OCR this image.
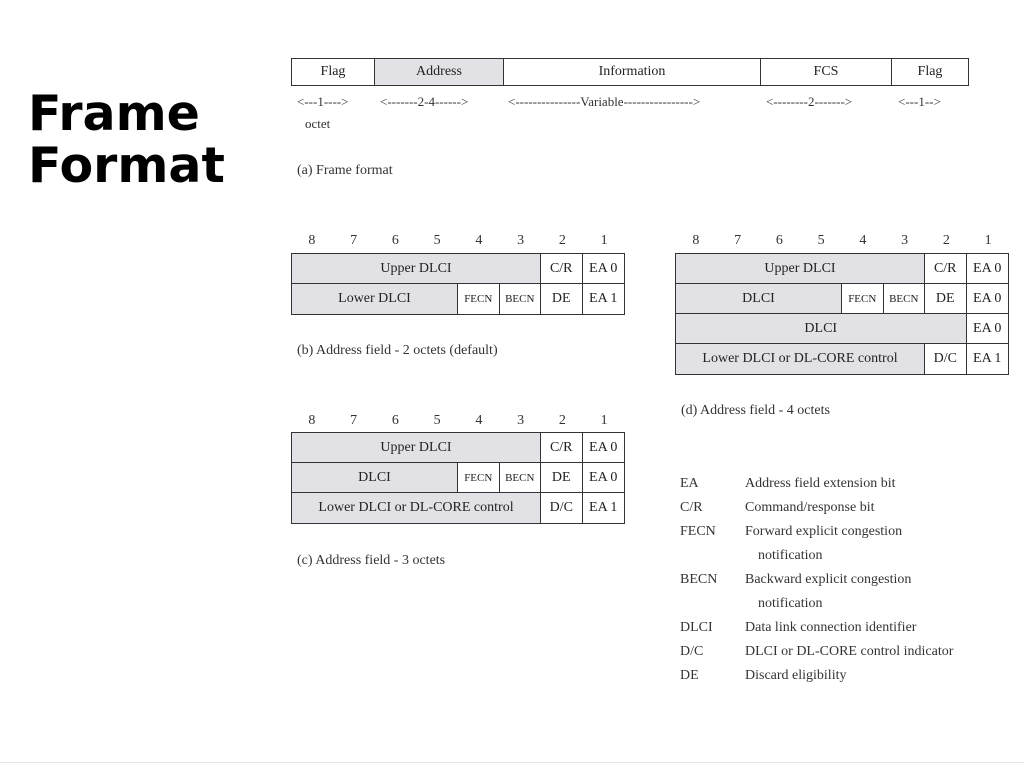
Frame
Format
Flag	Address	Information	FCS	Flag
<---1----> <-------2-4------>	<---------------Variable---------------->	<--------2------->	<---1-->
octet
(a) Frame format
8	7	6	5	4	3	2	1
8	7	6	5	4	3	2	1
8	7	6	5	4	3	2	1
Upper DLCI	C/R	EA 0
Lower DLCI	FECN	BECN	DE	EA 1
Upper DLCI	C/R	EA 0
DLCI	FECN	BECN	DE	EA 0
Lower DLCI or DL-CORE control	D/C	EA 1
Upper DLCI	C/R	EA 0
DLCI	FECN	BECN	DE	EA 0
DLCI	EA 0
Lower DLCI or DL-CORE control	D/C	EA 1
(b) Address field - 2 octets (default)
(c) Address field - 3 octets
(d) Address field - 4 octets
EA	Address field extension bit
C/R	Command/response bit
FECN	Forward explicit congestion
notification
BECN	Backward explicit congestion
notification
DLCI	Data link connection identifier
D/C	DLCI or DL-CORE control indicator
DE	Discard eligibility
